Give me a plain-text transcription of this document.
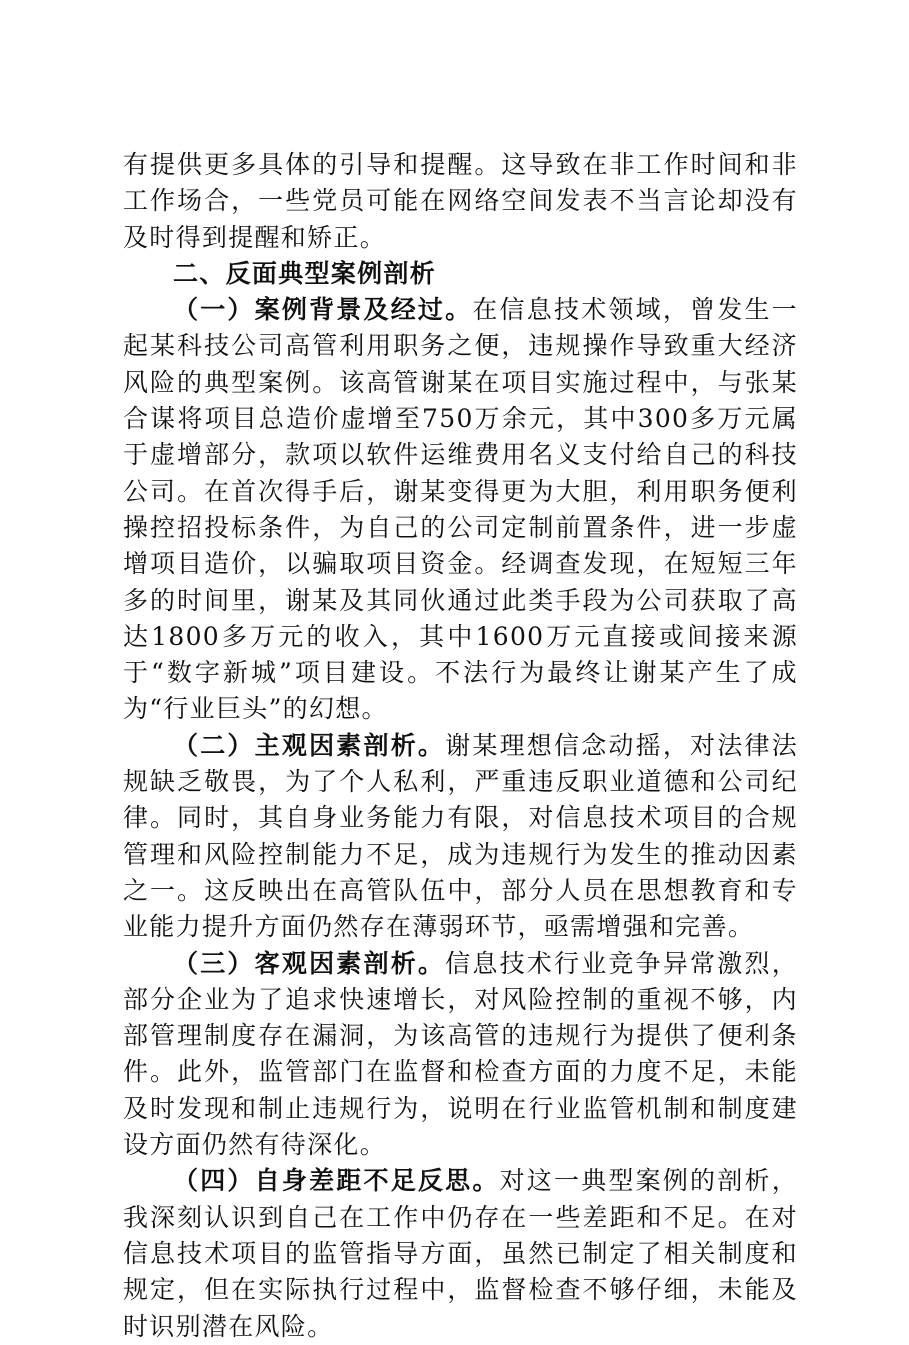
有提供更多具体的引导和提醒。这导致在非工作时间和非工作场合，一些党员可能在网络空间发表不当言论却没有及时得到提醒和矫正。

二、反面典型案例剖析

（一）案例背景及经过。在信息技术领域，曾发生一起某科技公司高管利用职务之便，违规操作导致重大经济风险的典型案例。该高管谢某在项目实施过程中，与张某合谋将项目总造价虚增至750万余元，其中300多万元属于虚增部分，款项以软件运维费用名义支付给自己的科技公司。在首次得手后，谢某变得更为大胆，利用职务便利操控招投标条件，为自己的公司定制前置条件，进一步虚增项目造价，以骗取项目资金。经调查发现，在短短三年多的时间里，谢某及其同伙通过此类手段为公司获取了高达1800多万元的收入，其中1600万元直接或间接来源于“数字新城”项目建设。不法行为最终让谢某产生了成为“行业巨头”的幻想。

（二）主观因素剖析。谢某理想信念动摇，对法律法规缺乏敬畏，为了个人私利，严重违反职业道德和公司纪律。同时，其自身业务能力有限，对信息技术项目的合规管理和风险控制能力不足，成为违规行为发生的推动因素之一。这反映出在高管队伍中，部分人员在思想教育和专业能力提升方面仍然存在薄弱环节，亟需增强和完善。

（三）客观因素剖析。信息技术行业竞争异常激烈，部分企业为了追求快速增长，对风险控制的重视不够，内部管理制度存在漏洞，为该高管的违规行为提供了便利条件。此外，监管部门在监督和检查方面的力度不足，未能及时发现和制止违规行为，说明在行业监管机制和制度建设方面仍然有待深化。

（四）自身差距不足反思。对这一典型案例的剖析，我深刻认识到自己在工作中仍存在一些差距和不足。在对信息技术项目的监管指导方面，虽然已制定了相关制度和规定，但在实际执行过程中，监督检查不够仔细，未能及时识别潜在风险。
